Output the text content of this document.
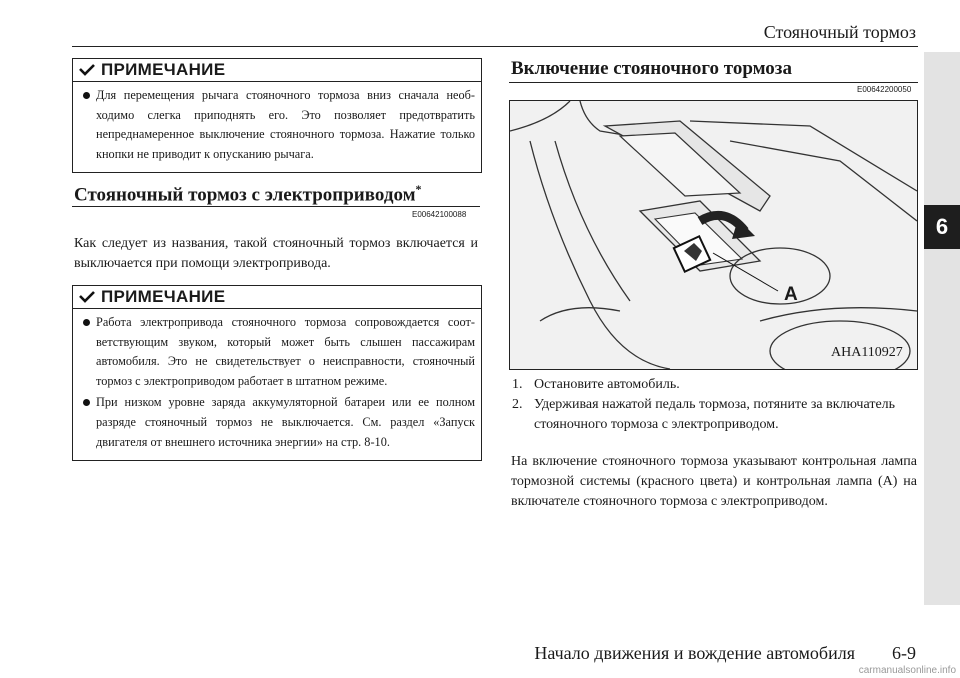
Стояночный тормоз
6
ПРИМЕЧАНИЕ
Для перемещения рычага стояночного тормоза вниз сначала необ-ходимо слегка приподнять его. Это позволяет предотвратить непреднамеренное выключение стояночного тормоза. Нажатие только кнопки не приводит к опусканию рычага.
Стояночный тормоз с электроприводом*
E00642100088
Как следует из названия, такой стояночный тормоз включается и выключается при помощи электропривода.
ПРИМЕЧАНИЕ
Работа электропривода стояночного тормоза сопровождается соот-ветствующим звуком, который может быть слышен пассажирам автомобиля. Это не свидетельствует о неисправности, стояночный тормоз с электроприводом работает в штатном режиме.
При низком уровне заряда аккумуляторной батареи или ее полном разряде стояночный тормоз не выключается. См. раздел «Запуск двигателя от внешнего источника энергии» на стр. 8-10.
Включение стояночного тормоза
E00642200050
A
AHA110927
1. Остановите автомобиль.
2. Удерживая нажатой педаль тормоза, потяните за включатель стояночного тормоза с электроприводом.
На включение стояночного тормоза указывают контрольная лампа тормозной системы (красного цвета) и контрольная лампа (А) на включателе стояночного тормоза с электроприводом.
Начало движения и вождение автомобиля 6-9
carmanualsonline.info
